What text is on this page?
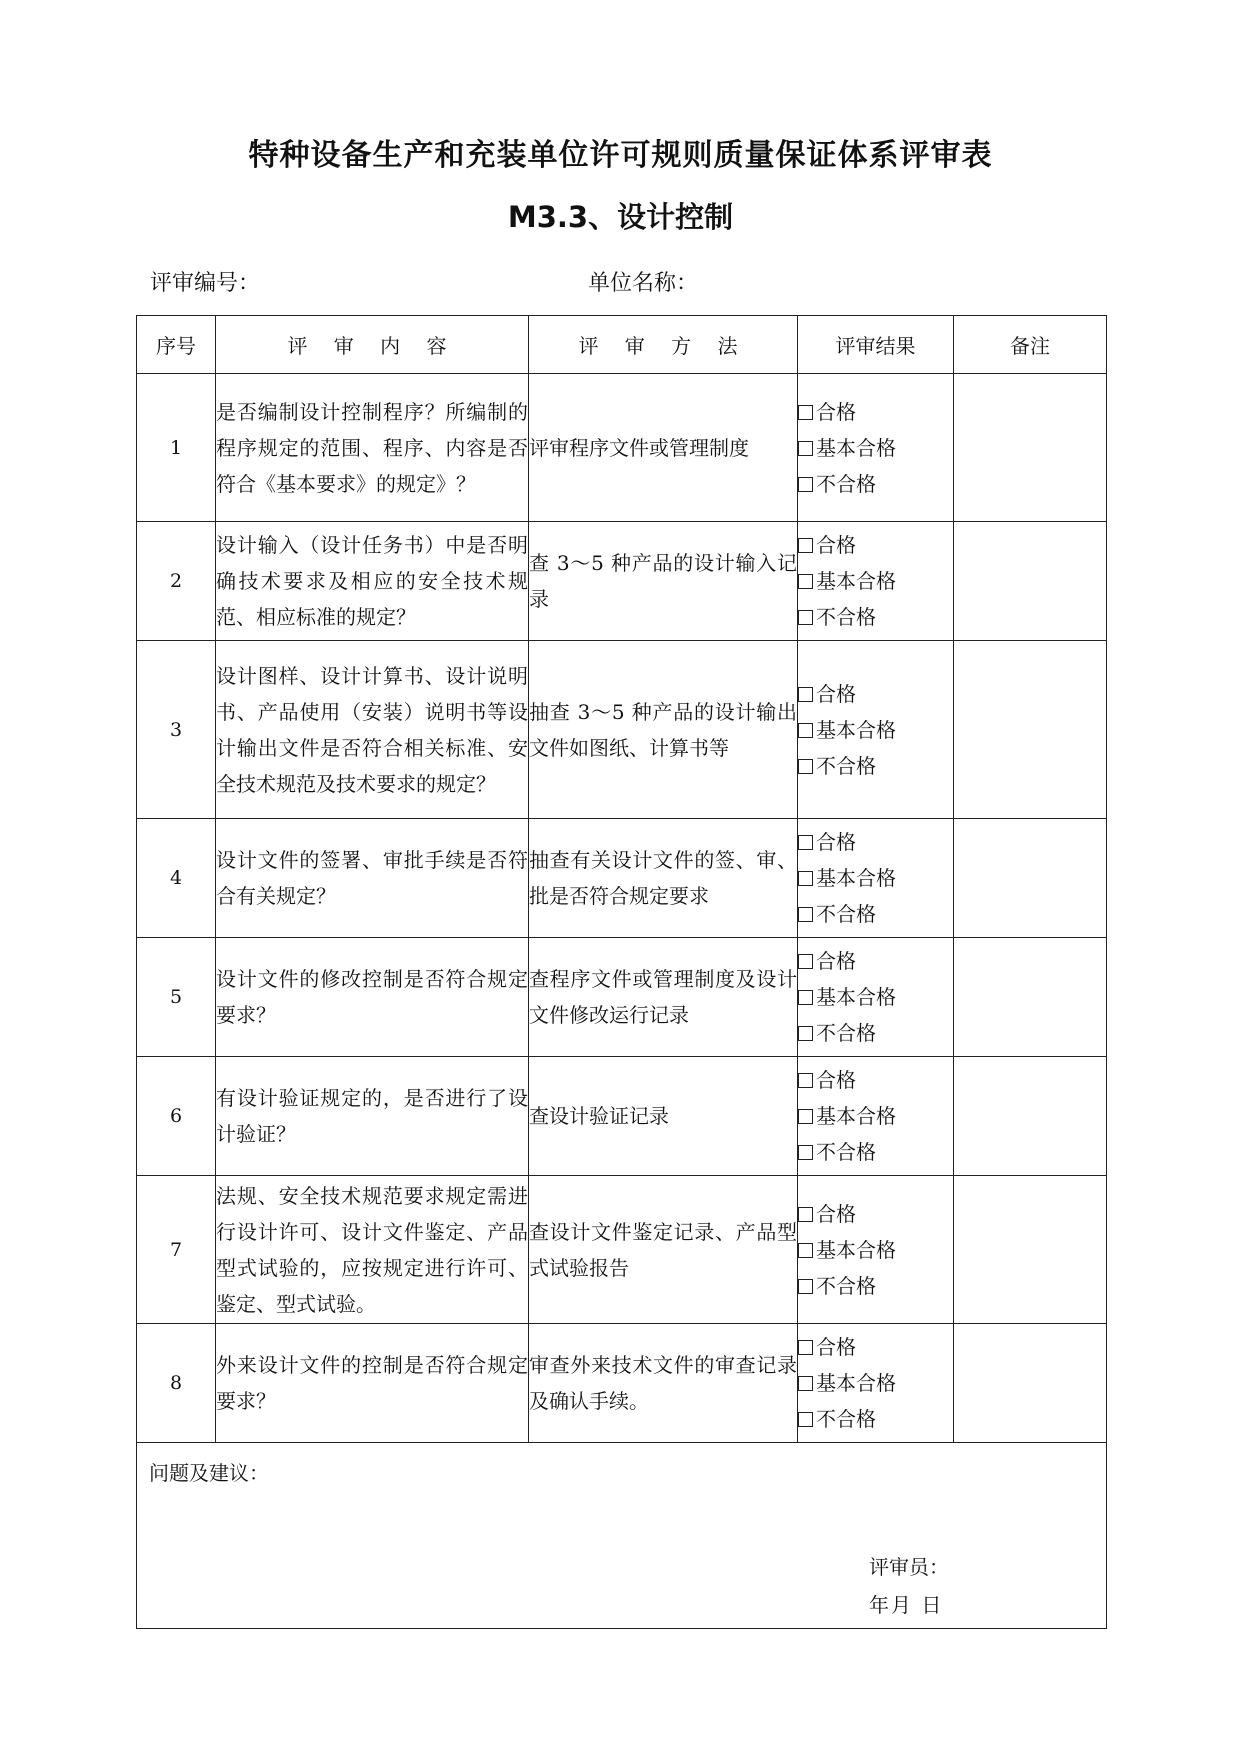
特种设备生产和充装单位许可规则质量保证体系评审表
M3.3、设计控制
评审编号：	单位名称：
序号	评 审 内 容	评 审 方 法	评审结果	备注
1	是否编制设计控制程序？所编制的程序规定的范围、程序、内容是否符合《基本要求》的规定》？	评审程序文件或管理制度	合格
基本合格
不合格	

2	设计输入（设计任务书）中是否明确技术要求及相应的安全技术规范、相应标准的规定？	查 3～5 种产品的设计输入记录	合格
基本合格
不合格	

3	设计图样、设计计算书、设计说明书、产品使用（安装）说明书等设计输出文件是否符合相关标准、安全技术规范及技术要求的规定？	抽查 3～5 种产品的设计输出文件如图纸、计算书等	合格
基本合格
不合格	

4	设计文件的签署、审批手续是否符合有关规定？	抽查有关设计文件的签、审、批是否符合规定要求	合格
基本合格
不合格	

5	设计文件的修改控制是否符合规定要求？	查程序文件或管理制度及设计文件修改运行记录	合格
基本合格
不合格	

6	有设计验证规定的，是否进行了设计验证？	查设计验证记录	合格
基本合格
不合格	

7	法规、安全技术规范要求规定需进行设计许可、设计文件鉴定、产品型式试验的，应按规定进行许可、鉴定、型式试验。	查设计文件鉴定记录、产品型式试验报告	合格
基本合格
不合格	

8	外来设计文件的控制是否符合规定要求？	审查外来技术文件的审查记录及确认手续。	合格
基本合格
不合格	

问题及建议：
评审员：
年月 日				
